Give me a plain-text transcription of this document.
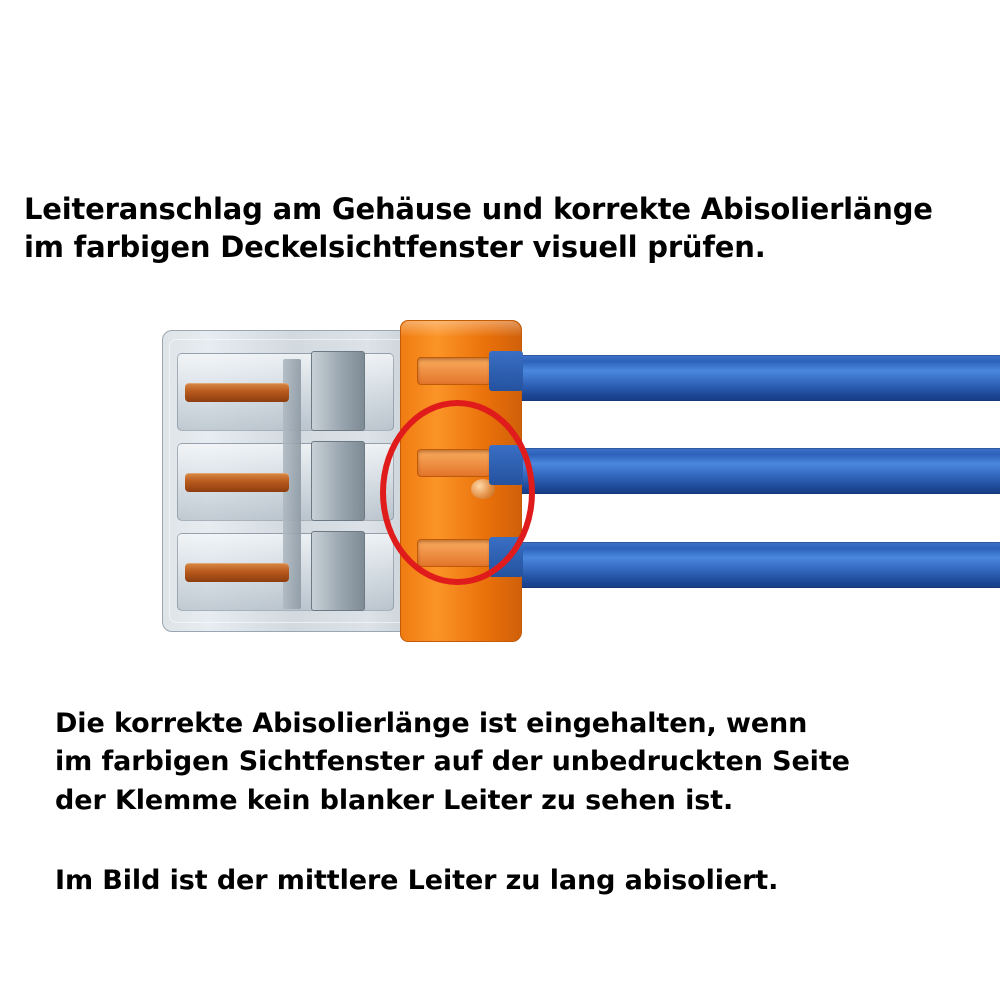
Leiteranschlag am Gehäuse und korrekte Abisolierlänge
im farbigen Deckelsichtfenster visuell prüfen.
Die korrekte Abisolierlänge ist eingehalten, wenn
im farbigen Sichtfenster auf der unbedruckten Seite
der Klemme kein blanker Leiter zu sehen ist.
Im Bild ist der mittlere Leiter zu lang abisoliert.
